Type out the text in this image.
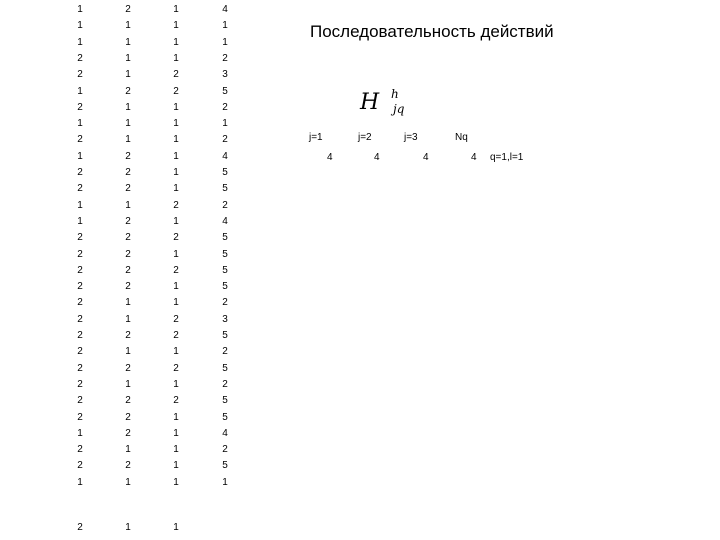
1	2	1	4
1	1	1	1
1	1	1	1
2	1	1	2
2	1	2	3
1	2	2	5
2	1	1	2
1	1	1	1
2	1	1	2
1	2	1	4
2	2	1	5
2	2	1	5
1	1	2	2
1	2	1	4
2	2	2	5
2	2	1	5
2	2	2	5
2	2	1	5
2	1	1	2
2	1	2	3
2	2	2	5
2	1	1	2
2	2	2	5
2	1	1	2
2	2	2	5
2	2	1	5
1	2	1	4
2	1	1	2
2	2	1	5
1	1	1	1
2	1	1
Последовательность действий
H h
jq
j=1	j=2	j=3	Nq
4	4	4	4 q=1,l=1
